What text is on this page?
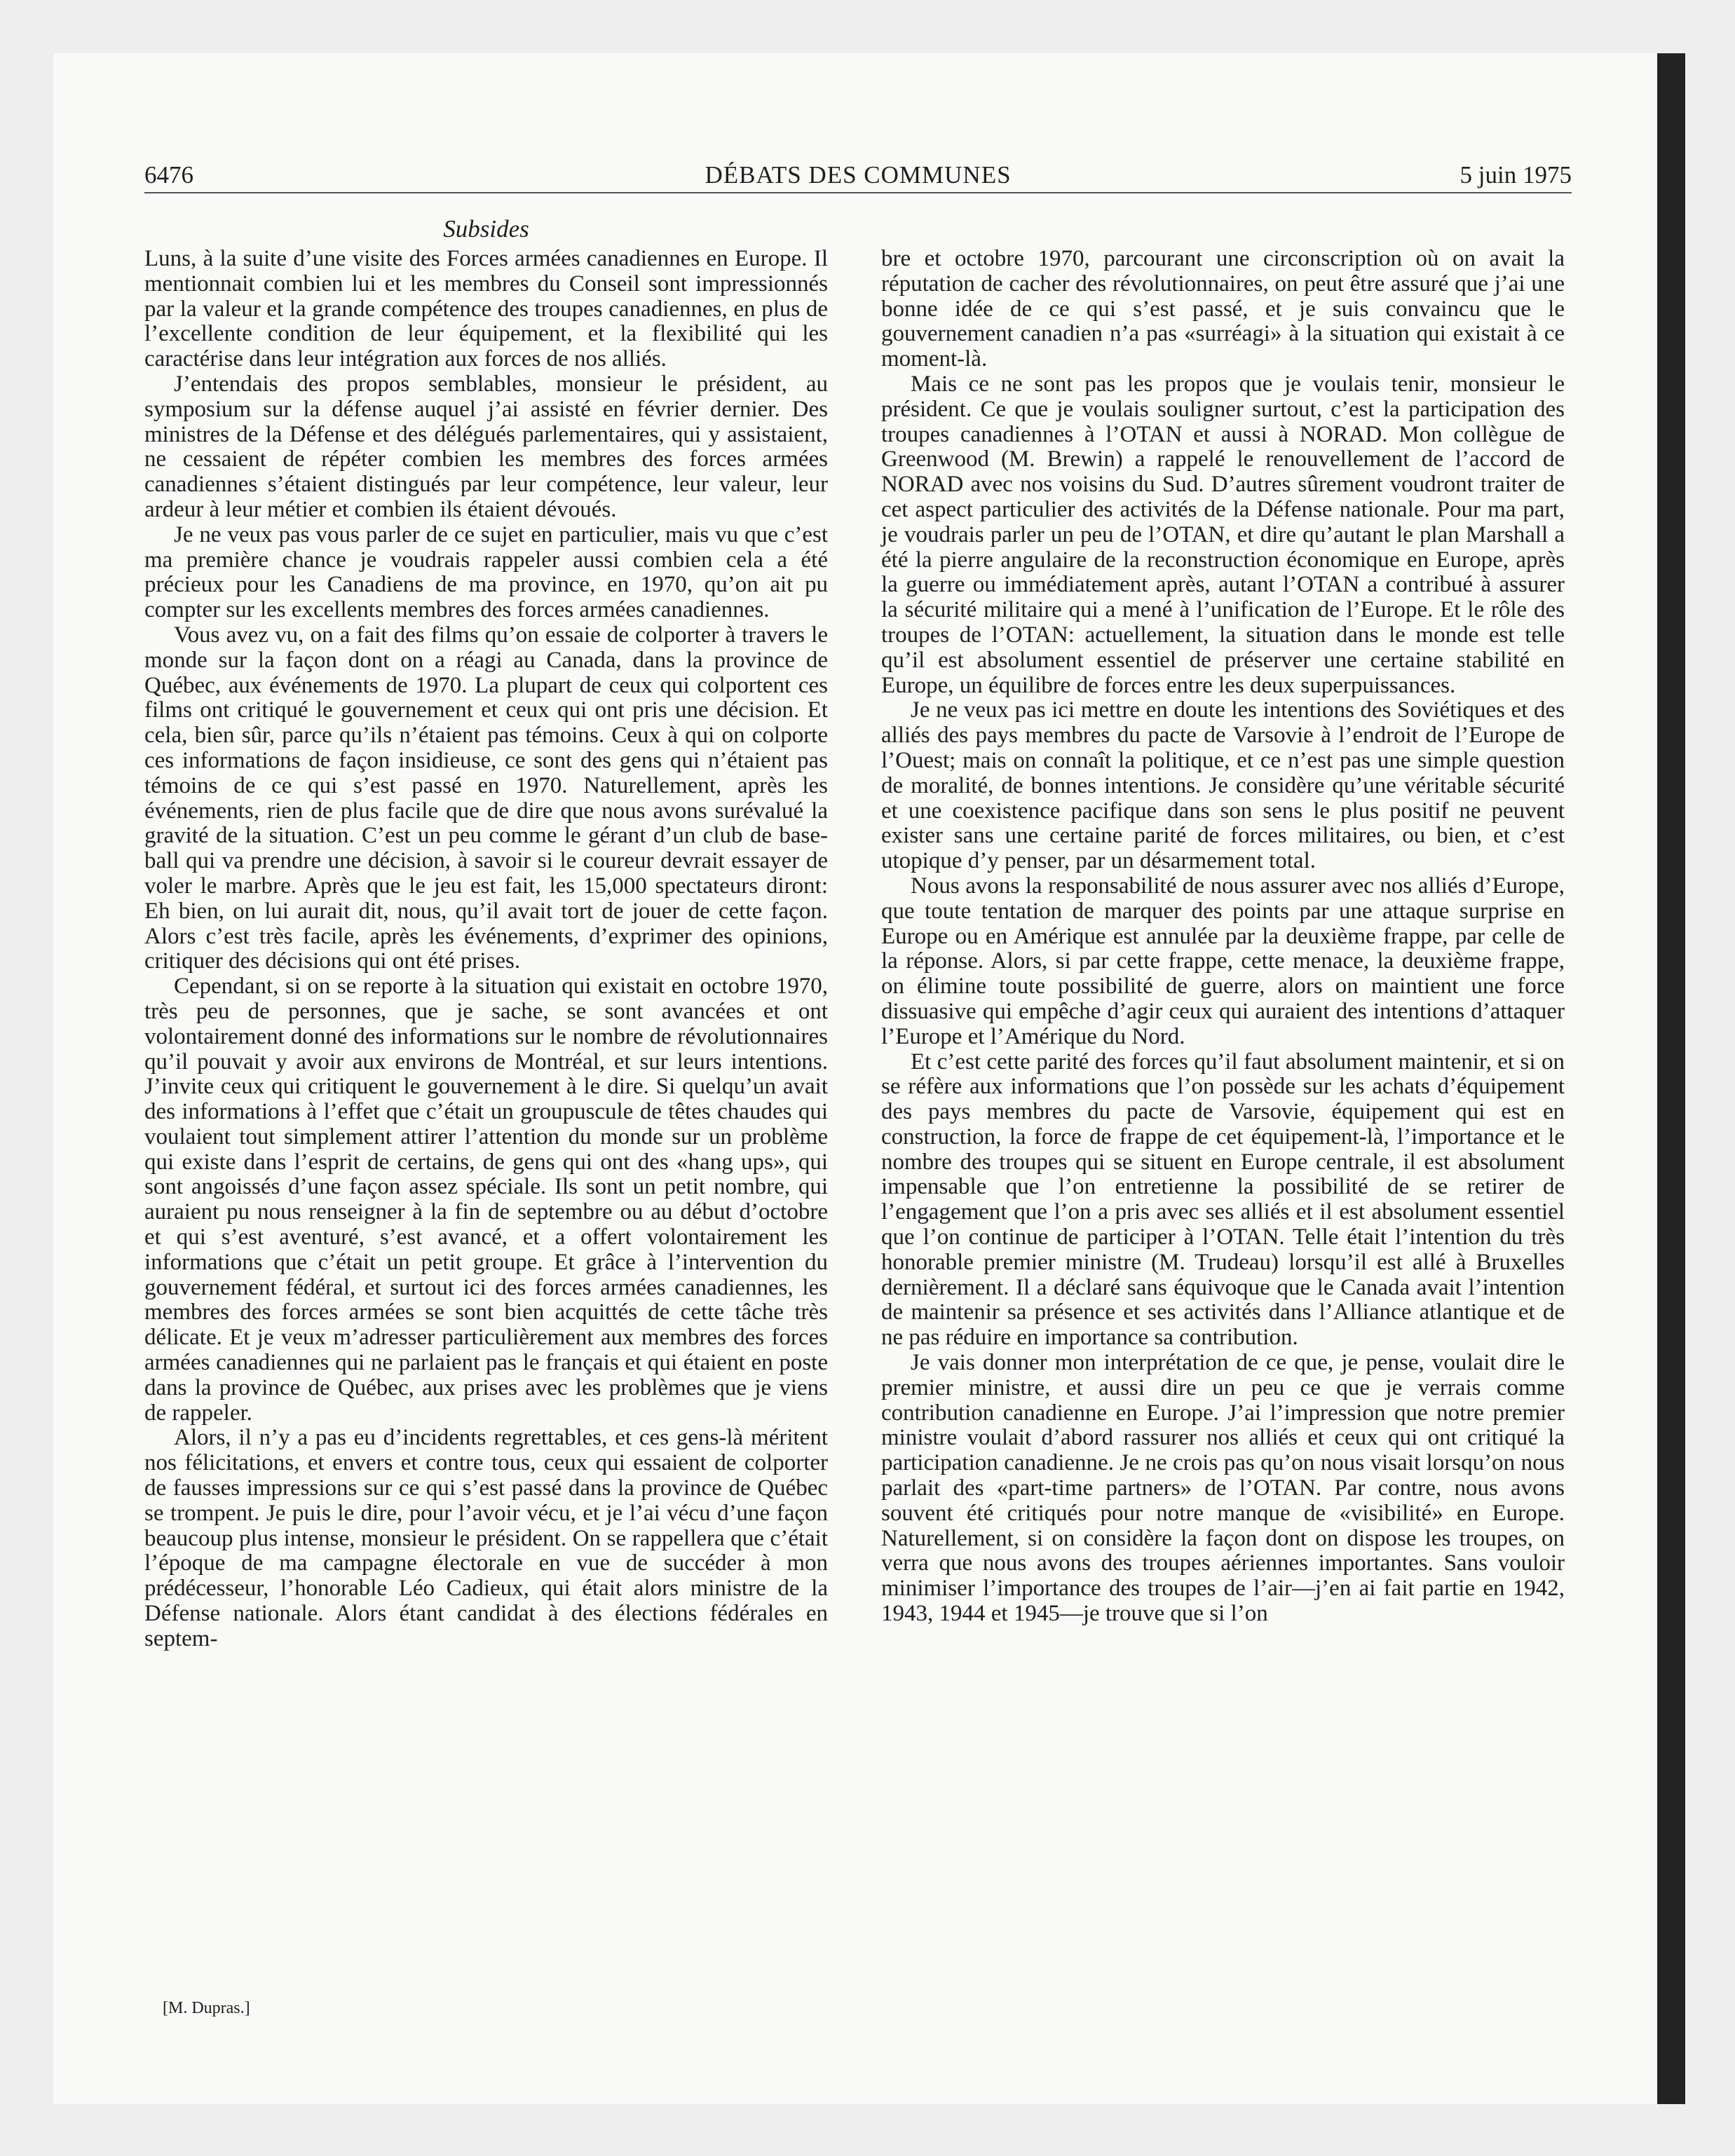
6476	DÉBATS DES COMMUNES	5 juin 1975
Subsides

Luns, à la suite d’une visite des Forces armées canadiennes en Europe. Il mentionnait combien lui et les membres du Conseil sont impressionnés par la valeur et la grande compétence des troupes canadiennes, en plus de l’excellente condition de leur équipement, et la flexibilité qui les caractérise dans leur intégration aux forces de nos alliés.

J’entendais des propos semblables, monsieur le président, au symposium sur la défense auquel j’ai assisté en février dernier. Des ministres de la Défense et des délégués parlementaires, qui y assistaient, ne cessaient de répéter combien les membres des forces armées canadiennes s’étaient distingués par leur compétence, leur valeur, leur ardeur à leur métier et combien ils étaient dévoués.

Je ne veux pas vous parler de ce sujet en particulier, mais vu que c’est ma première chance je voudrais rappeler aussi combien cela a été précieux pour les Canadiens de ma province, en 1970, qu’on ait pu compter sur les excellents membres des forces armées canadiennes.

Vous avez vu, on a fait des films qu’on essaie de colporter à travers le monde sur la façon dont on a réagi au Canada, dans la province de Québec, aux événements de 1970. La plupart de ceux qui colportent ces films ont critiqué le gouvernement et ceux qui ont pris une décision. Et cela, bien sûr, parce qu’ils n’étaient pas témoins. Ceux à qui on colporte ces informations de façon insidieuse, ce sont des gens qui n’étaient pas témoins de ce qui s’est passé en 1970. Naturellement, après les événements, rien de plus facile que de dire que nous avons surévalué la gravité de la situation. C’est un peu comme le gérant d’un club de base-ball qui va prendre une décision, à savoir si le coureur devrait essayer de voler le marbre. Après que le jeu est fait, les 15,000 spectateurs diront: Eh bien, on lui aurait dit, nous, qu’il avait tort de jouer de cette façon. Alors c’est très facile, après les événements, d’exprimer des opinions, critiquer des décisions qui ont été prises.

Cependant, si on se reporte à la situation qui existait en octobre 1970, très peu de personnes, que je sache, se sont avancées et ont volontairement donné des informations sur le nombre de révolutionnaires qu’il pouvait y avoir aux environs de Montréal, et sur leurs intentions. J’invite ceux qui critiquent le gouvernement à le dire. Si quelqu’un avait des informations à l’effet que c’était un groupuscule de têtes chaudes qui voulaient tout simplement attirer l’attention du monde sur un problème qui existe dans l’esprit de certains, de gens qui ont des «hang ups», qui sont angoissés d’une façon assez spéciale. Ils sont un petit nombre, qui auraient pu nous renseigner à la fin de septembre ou au début d’octobre et qui s’est aventuré, s’est avancé, et a offert volontairement les informations que c’était un petit groupe. Et grâce à l’intervention du gouvernement fédéral, et surtout ici des forces armées canadiennes, les membres des forces armées se sont bien acquittés de cette tâche très délicate. Et je veux m’adresser particulièrement aux membres des forces armées canadiennes qui ne parlaient pas le français et qui étaient en poste dans la province de Québec, aux prises avec les problèmes que je viens de rappeler.

Alors, il n’y a pas eu d’incidents regrettables, et ces gens-là méritent nos félicitations, et envers et contre tous, ceux qui essaient de colporter de fausses impressions sur ce qui s’est passé dans la province de Québec se trompent. Je puis le dire, pour l’avoir vécu, et je l’ai vécu d’une façon beaucoup plus intense, monsieur le président. On se rappellera que c’était l’époque de ma campagne électorale en vue de succéder à mon prédécesseur, l’honorable Léo Cadieux, qui était alors ministre de la Défense nationale. Alors étant candidat à des élections fédérales en septem-

bre et octobre 1970, parcourant une circonscription où on avait la réputation de cacher des révolutionnaires, on peut être assuré que j’ai une bonne idée de ce qui s’est passé, et je suis convaincu que le gouvernement canadien n’a pas «surréagi» à la situation qui existait à ce moment-là.

Mais ce ne sont pas les propos que je voulais tenir, monsieur le président. Ce que je voulais souligner surtout, c’est la participation des troupes canadiennes à l’OTAN et aussi à NORAD. Mon collègue de Greenwood (M. Brewin) a rappelé le renouvellement de l’accord de NORAD avec nos voisins du Sud. D’autres sûrement voudront traiter de cet aspect particulier des activités de la Défense nationale. Pour ma part, je voudrais parler un peu de l’OTAN, et dire qu’autant le plan Marshall a été la pierre angulaire de la reconstruction économique en Europe, après la guerre ou immédiatement après, autant l’OTAN a contribué à assurer la sécurité militaire qui a mené à l’unification de l’Europe. Et le rôle des troupes de l’OTAN: actuellement, la situation dans le monde est telle qu’il est absolument essentiel de préserver une certaine stabilité en Europe, un équilibre de forces entre les deux superpuissances.

Je ne veux pas ici mettre en doute les intentions des Soviétiques et des alliés des pays membres du pacte de Varsovie à l’endroit de l’Europe de l’Ouest; mais on connaît la politique, et ce n’est pas une simple question de moralité, de bonnes intentions. Je considère qu’une véritable sécurité et une coexistence pacifique dans son sens le plus positif ne peuvent exister sans une certaine parité de forces militaires, ou bien, et c’est utopique d’y penser, par un désarmement total.

Nous avons la responsabilité de nous assurer avec nos alliés d’Europe, que toute tentation de marquer des points par une attaque surprise en Europe ou en Amérique est annulée par la deuxième frappe, par celle de la réponse. Alors, si par cette frappe, cette menace, la deuxième frappe, on élimine toute possibilité de guerre, alors on maintient une force dissuasive qui empêche d’agir ceux qui auraient des intentions d’attaquer l’Europe et l’Amérique du Nord.

Et c’est cette parité des forces qu’il faut absolument maintenir, et si on se réfère aux informations que l’on possède sur les achats d’équipement des pays membres du pacte de Varsovie, équipement qui est en construction, la force de frappe de cet équipement-là, l’importance et le nombre des troupes qui se situent en Europe centrale, il est absolument impensable que l’on entretienne la possibilité de se retirer de l’engagement que l’on a pris avec ses alliés et il est absolument essentiel que l’on continue de participer à l’OTAN. Telle était l’intention du très honorable premier ministre (M. Trudeau) lorsqu’il est allé à Bruxelles dernièrement. Il a déclaré sans équivoque que le Canada avait l’intention de maintenir sa présence et ses activités dans l’Alliance atlantique et de ne pas réduire en importance sa contribution.

Je vais donner mon interprétation de ce que, je pense, voulait dire le premier ministre, et aussi dire un peu ce que je verrais comme contribution canadienne en Europe. J’ai l’impression que notre premier ministre voulait d’abord rassurer nos alliés et ceux qui ont critiqué la participation canadienne. Je ne crois pas qu’on nous visait lorsqu’on nous parlait des «part-time partners» de l’OTAN. Par contre, nous avons souvent été critiqués pour notre manque de «visibilité» en Europe. Naturellement, si on considère la façon dont on dispose les troupes, on verra que nous avons des troupes aériennes importantes. Sans vouloir minimiser l’importance des troupes de l’air—j’en ai fait partie en 1942, 1943, 1944 et 1945—je trouve que si l’on

[M. Dupras.]
